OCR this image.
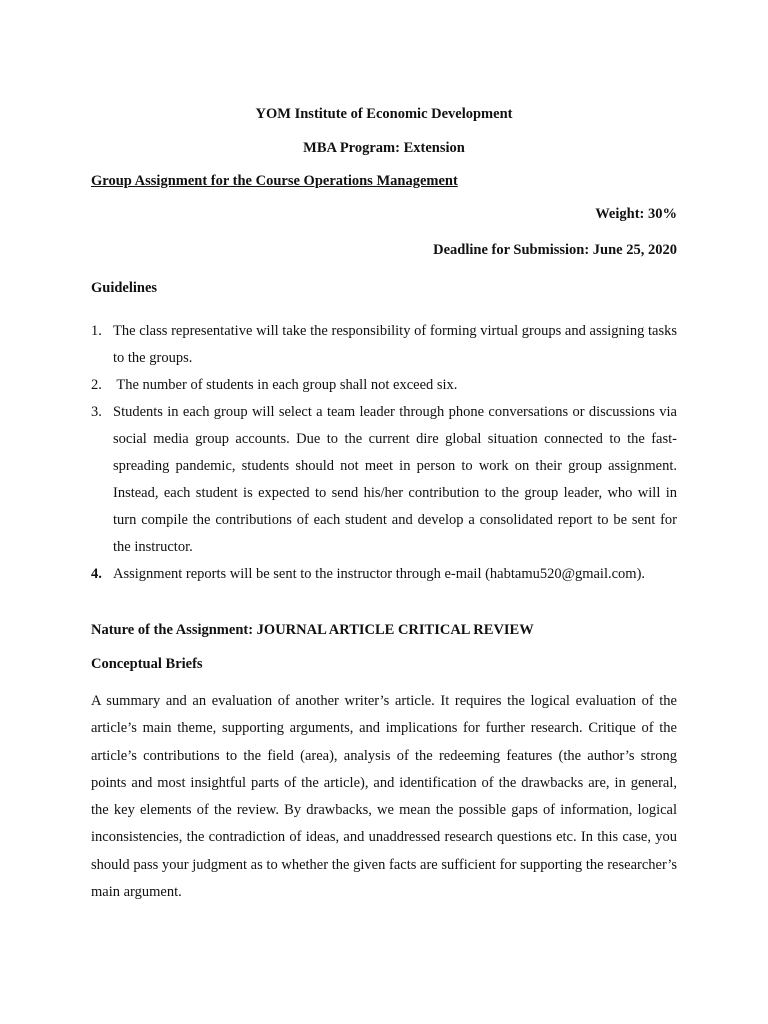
YOM Institute of Economic Development
MBA Program: Extension
Group Assignment for the Course Operations Management
Weight: 30%
Deadline for Submission: June 25, 2020
Guidelines
1. The class representative will take the responsibility of forming virtual groups and assigning tasks to the groups.
2. The number of students in each group shall not exceed six.
3. Students in each group will select a team leader through phone conversations or discussions via social media group accounts. Due to the current dire global situation connected to the fast-spreading pandemic, students should not meet in person to work on their group assignment. Instead, each student is expected to send his/her contribution to the group leader, who will in turn compile the contributions of each student and develop a consolidated report to be sent for the instructor.
4. Assignment reports will be sent to the instructor through e-mail (habtamu520@gmail.com).
Nature of the Assignment: JOURNAL ARTICLE CRITICAL REVIEW
Conceptual Briefs

A summary and an evaluation of another writer’s article. It requires the logical evaluation of the article’s main theme, supporting arguments, and implications for further research. Critique of the article’s contributions to the field (area), analysis of the redeeming features (the author’s strong points and most insightful parts of the article), and identification of the drawbacks are, in general, the key elements of the review. By drawbacks, we mean the possible gaps of information, logical inconsistencies, the contradiction of ideas, and unaddressed research questions etc. In this case, you should pass your judgment as to whether the given facts are sufficient for supporting the researcher’s main argument.
